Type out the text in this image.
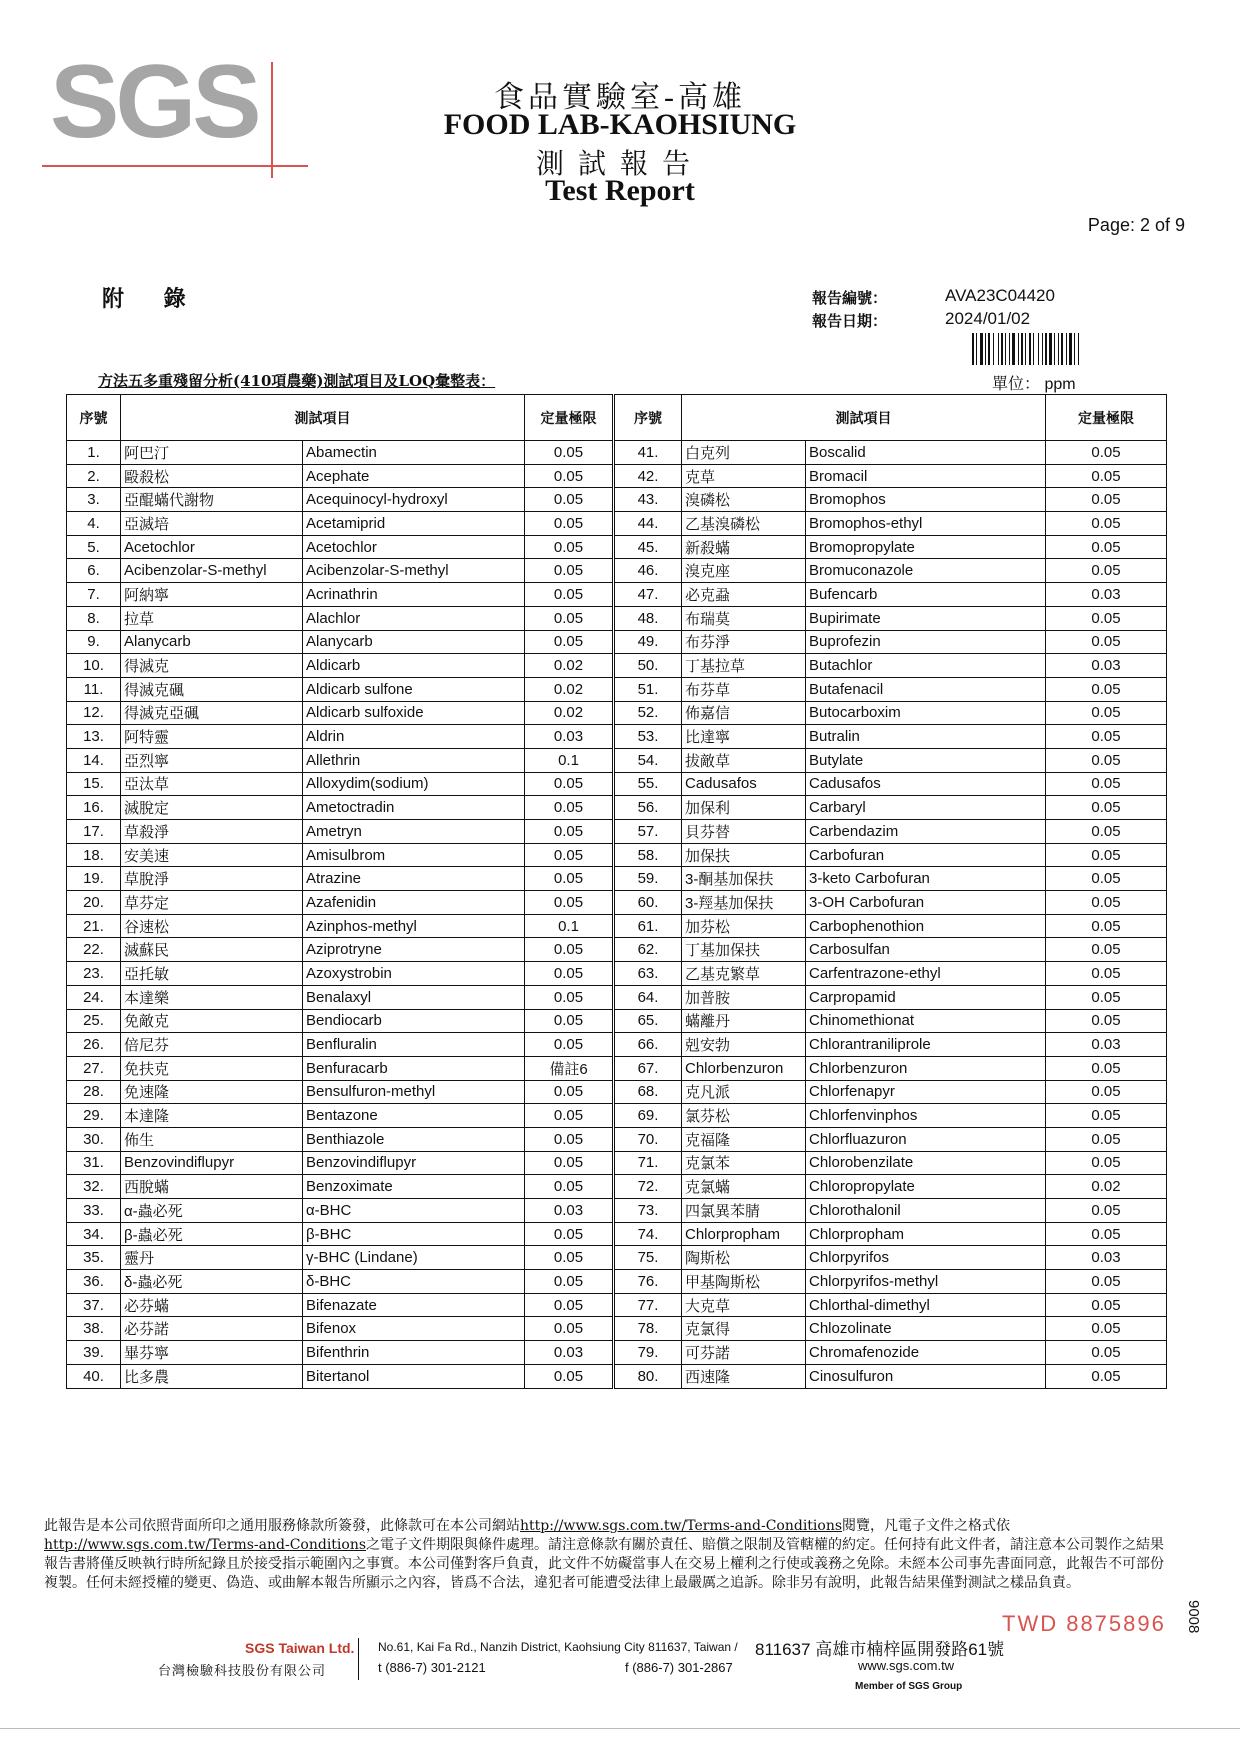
SGS	食品實驗室-高雄
FOOD LAB-KAOHSIUNG
測試報告
Test Report
Page: 2 of 9
附 錄	報告編號：	AVA23C04420
報告日期：	2024/01/02
方法五多重殘留分析(410項農藥)測試項目及LOQ彙整表：	單位： ppm
序號	測試項目		定量極限	序號	測試項目		定量極限
1.	阿巴汀	Abamectin	0.05	41.	白克列	Boscalid	0.05
2.	毆殺松	Acephate	0.05	42.	克草	Bromacil	0.05
3.	亞醌蟎代謝物	Acequinocyl-hydroxyl	0.05	43.	溴磷松	Bromophos	0.05
4.	亞滅培	Acetamiprid	0.05	44.	乙基溴磷松	Bromophos-ethyl	0.05
5.	Acetochlor	Acetochlor	0.05	45.	新殺蟎	Bromopropylate	0.05
6.	Acibenzolar-S-methyl	Acibenzolar-S-methyl	0.05	46.	溴克座	Bromuconazole	0.05
7.	阿納寧	Acrinathrin	0.05	47.	必克蝨	Bufencarb	0.03
8.	拉草	Alachlor	0.05	48.	布瑞莫	Bupirimate	0.05
9.	Alanycarb	Alanycarb	0.05	49.	布芬淨	Buprofezin	0.05
10.	得滅克	Aldicarb	0.02	50.	丁基拉草	Butachlor	0.03
11.	得滅克碸	Aldicarb sulfone	0.02	51.	布芬草	Butafenacil	0.05
12.	得滅克亞碸	Aldicarb sulfoxide	0.02	52.	佈嘉信	Butocarboxim	0.05
13.	阿特靈	Aldrin	0.03	53.	比達寧	Butralin	0.05
14.	亞烈寧	Allethrin	0.1	54.	拔敵草	Butylate	0.05
15.	亞汰草	Alloxydim(sodium)	0.05	55.	Cadusafos	Cadusafos	0.05
16.	滅脫定	Ametoctradin	0.05	56.	加保利	Carbaryl	0.05
17.	草殺淨	Ametryn	0.05	57.	貝芬替	Carbendazim	0.05
18.	安美速	Amisulbrom	0.05	58.	加保扶	Carbofuran	0.05
19.	草脫淨	Atrazine	0.05	59.	3-酮基加保扶	3-keto Carbofuran	0.05
20.	草芬定	Azafenidin	0.05	60.	3-羥基加保扶	3-OH Carbofuran	0.05
21.	谷速松	Azinphos-methyl	0.1	61.	加芬松	Carbophenothion	0.05
22.	滅蘇民	Aziprotryne	0.05	62.	丁基加保扶	Carbosulfan	0.05
23.	亞托敏	Azoxystrobin	0.05	63.	乙基克繁草	Carfentrazone-ethyl	0.05
24.	本達樂	Benalaxyl	0.05	64.	加普胺	Carpropamid	0.05
25.	免敵克	Bendiocarb	0.05	65.	蟎離丹	Chinomethionat	0.05
26.	倍尼芬	Benfluralin	0.05	66.	剋安勃	Chlorantraniliprole	0.03
27.	免扶克	Benfuracarb	備註6	67.	Chlorbenzuron	Chlorbenzuron	0.05
28.	免速隆	Bensulfuron-methyl	0.05	68.	克凡派	Chlorfenapyr	0.05
29.	本達隆	Bentazone	0.05	69.	氯芬松	Chlorfenvinphos	0.05
30.	佈生	Benthiazole	0.05	70.	克福隆	Chlorfluazuron	0.05
31.	Benzovindiflupyr	Benzovindiflupyr	0.05	71.	克氯苯	Chlorobenzilate	0.05
32.	西脫蟎	Benzoximate	0.05	72.	克氯蟎	Chloropropylate	0.02
33.	α-蟲必死	α-BHC	0.03	73.	四氯異苯腈	Chlorothalonil	0.05
34.	β-蟲必死	β-BHC	0.05	74.	Chlorpropham	Chlorpropham	0.05
35.	靈丹	γ-BHC (Lindane)	0.05	75.	陶斯松	Chlorpyrifos	0.03
36.	δ-蟲必死	δ-BHC	0.05	76.	甲基陶斯松	Chlorpyrifos-methyl	0.05
37.	必芬蟎	Bifenazate	0.05	77.	大克草	Chlorthal-dimethyl	0.05
38.	必芬諾	Bifenox	0.05	78.	克氯得	Chlozolinate	0.05
39.	畢芬寧	Bifenthrin	0.03	79.	可芬諾	Chromafenozide	0.05
40.	比多農	Bitertanol	0.05	80.	西速隆	Cinosulfuron	0.05
此報告是本公司依照背面所印之通用服務條款所簽發，此條款可在本公司網站http://www.sgs.com.tw/Terms-and-Conditions閱覽，凡電子文件之格式依
http://www.sgs.com.tw/Terms-and-Conditions之電子文件期限與條件處理。請注意條款有關於責任、賠償之限制及管轄權的約定。任何持有此文件者，請注意本公司製作之結果報告書將僅反映執行時所紀錄且於接受指示範圍內之事實。本公司僅對客戶負責，此文件不妨礙當事人在交易上權利之行使或義務之免除。未經本公司事先書面同意，此報告不可部份複製。任何未經授權的變更、偽造、或曲解本報告所顯示之內容，皆爲不合法，違犯者可能遭受法律上最嚴厲之追訴。除非另有說明，此報告結果僅對測試之樣品負責。
TWD 8875896 9008
SGS Taiwan Ltd.
台灣檢驗科技股份有限公司
No.61, Kai Fa Rd., Nanzih District, Kaohsiung City 811637, Taiwan / 811637 高雄市楠梓區開發路61號
t (886-7) 301-2121	f (886-7) 301-2867	www.sgs.com.tw
Member of SGS Group
